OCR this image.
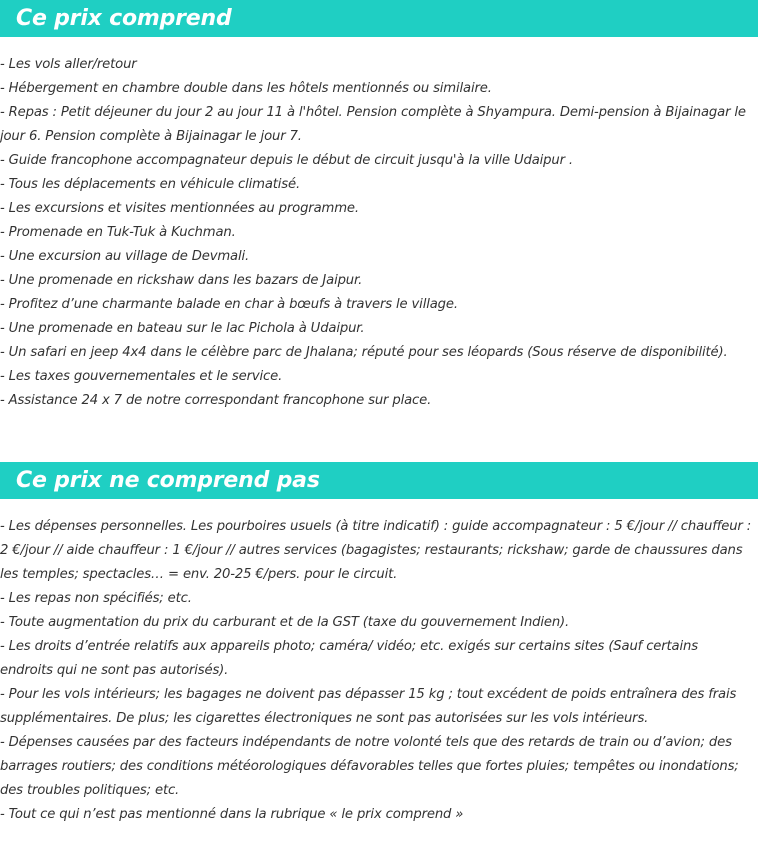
Ce prix comprend
- Les vols aller/retour
- Hébergement en chambre double dans les hôtels mentionnés ou similaire.
- Repas : Petit déjeuner du jour 2 au jour 11 à l'hôtel. Pension complète à Shyampura. Demi-pension à Bijainagar le jour 6. Pension complète à Bijainagar le jour 7.
- Guide francophone accompagnateur depuis le début de circuit jusqu'à la ville Udaipur .
- Tous les déplacements en véhicule climatisé.
- Les excursions et visites mentionnées au programme.
- Promenade en Tuk-Tuk à Kuchman.
- Une excursion au village de Devmali.
- Une promenade en rickshaw dans les bazars de Jaipur.
- Profitez d’une charmante balade en char à bœufs à travers le village.
- Une promenade en bateau sur le lac Pichola à Udaipur.
- Un safari en jeep 4x4 dans le célèbre parc de Jhalana; réputé pour ses léopards (Sous réserve de disponibilité).
- Les taxes gouvernementales et le service.
- Assistance 24 x 7 de notre correspondant francophone sur place.
Ce prix ne comprend pas
- Les dépenses personnelles. Les pourboires usuels (à titre indicatif) : guide accompagnateur : 5 €/jour // chauffeur : 2 €/jour // aide chauffeur : 1 €/jour // autres services (bagagistes; restaurants; rickshaw; garde de chaussures dans les temples; spectacles… = env. 20-25 €/pers. pour le circuit.
- Les repas non spécifiés; etc.
- Toute augmentation du prix du carburant et de la GST (taxe du gouvernement Indien).
- Les droits d’entrée relatifs aux appareils photo; caméra/ vidéo; etc. exigés sur certains sites (Sauf certains endroits qui ne sont pas autorisés).
- Pour les vols intérieurs; les bagages ne doivent pas dépasser 15 kg ; tout excédent de poids entraînera des frais supplémentaires. De plus; les cigarettes électroniques ne sont pas autorisées sur les vols intérieurs.
- Dépenses causées par des facteurs indépendants de notre volonté tels que des retards de train ou d’avion; des barrages routiers; des conditions météorologiques défavorables telles que fortes pluies; tempêtes ou inondations; des troubles politiques; etc.
- Tout ce qui n’est pas mentionné dans la rubrique « le prix comprend »
